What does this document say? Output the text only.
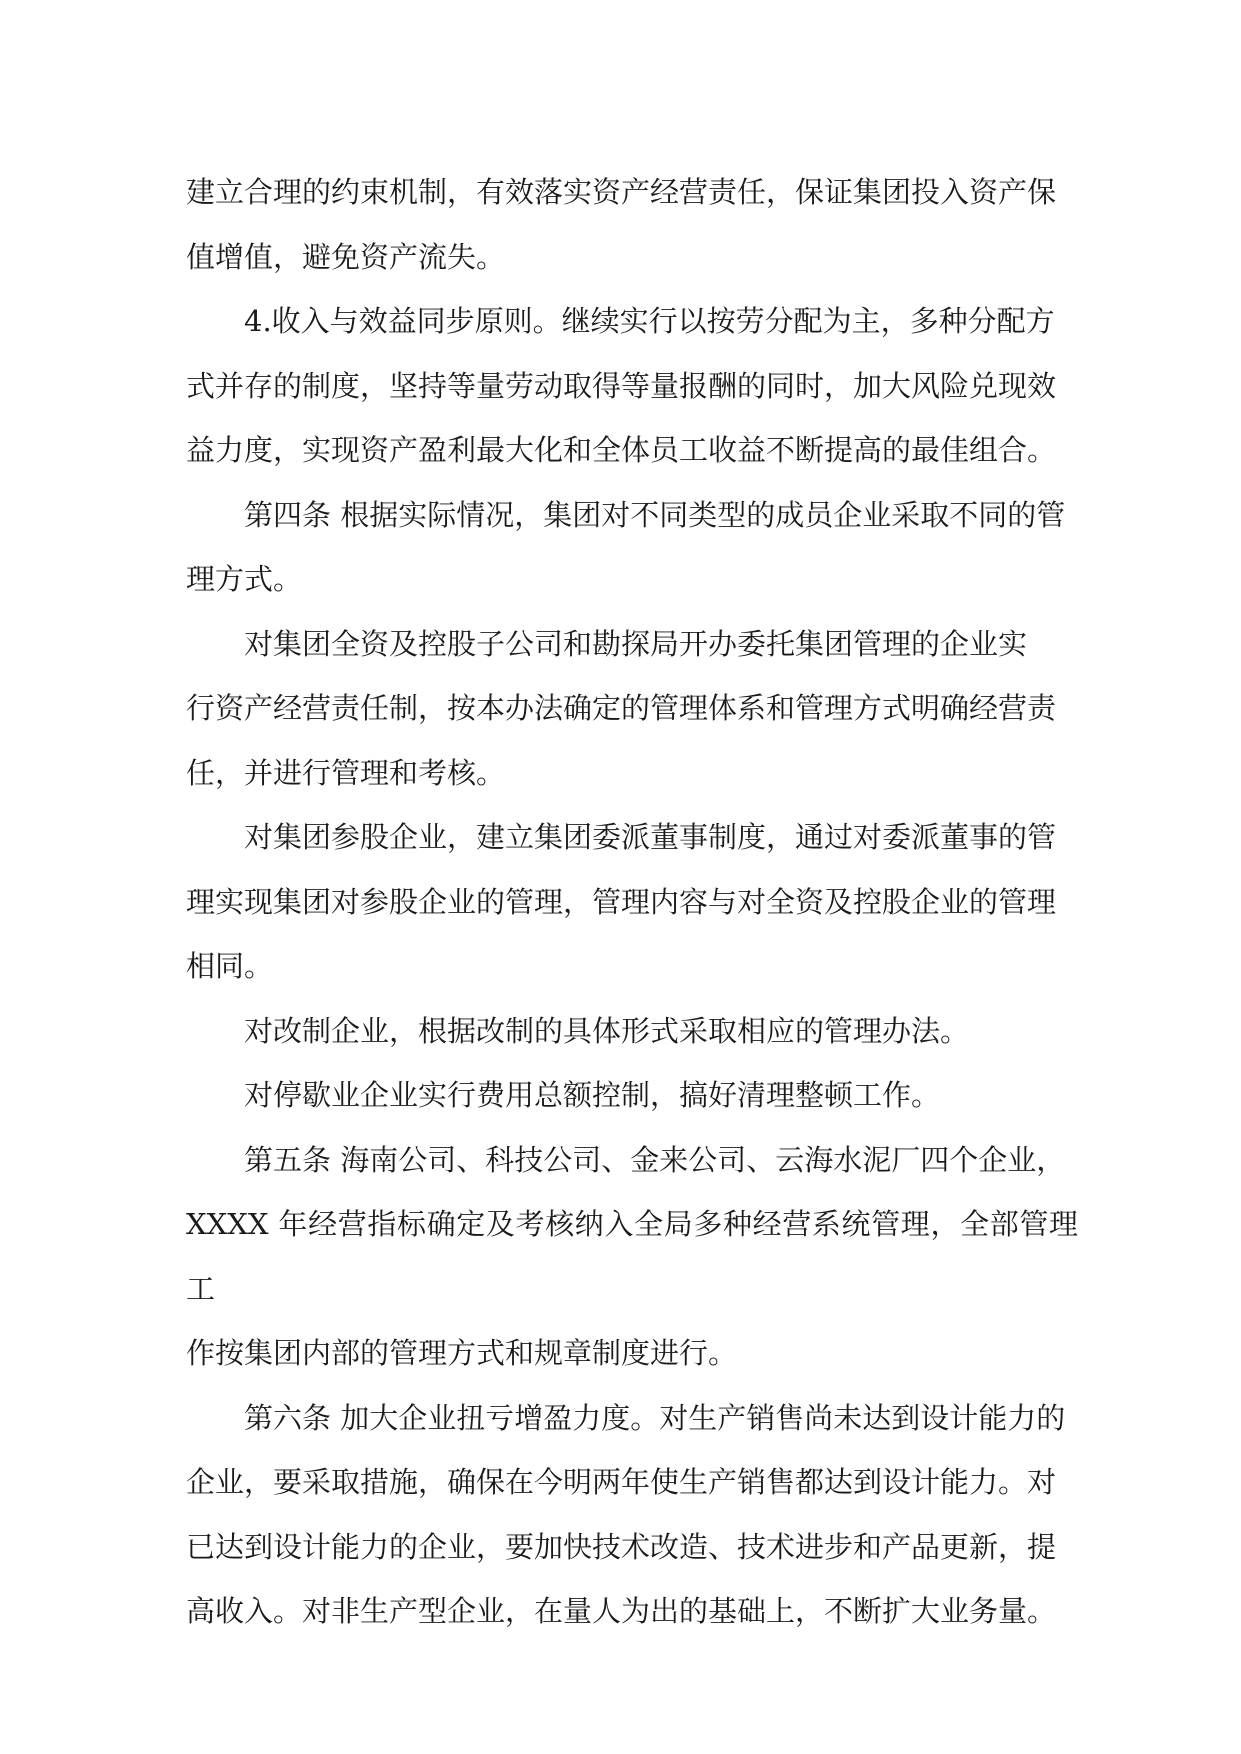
建立合理的约束机制，有效落实资产经营责任，保证集团投入资产保
值增值，避免资产流失。

4.收入与效益同步原则。继续实行以按劳分配为主，多种分配方
式并存的制度，坚持等量劳动取得等量报酬的同时，加大风险兑现效
益力度，实现资产盈利最大化和全体员工收益不断提高的最佳组合。

第四条 根据实际情况，集团对不同类型的成员企业采取不同的管
理方式。

对集团全资及控股子公司和勘探局开办委托集团管理的企业实
行资产经营责任制，按本办法确定的管理体系和管理方式明确经营责
任，并进行管理和考核。

对集团参股企业，建立集团委派董事制度，通过对委派董事的管
理实现集团对参股企业的管理，管理内容与对全资及控股企业的管理
相同。

对改制企业，根据改制的具体形式采取相应的管理办法。

对停歇业企业实行费用总额控制，搞好清理整顿工作。

第五条 海南公司、科技公司、金来公司、云海水泥厂四个企业，
XXXX 年经营指标确定及考核纳入全局多种经营系统管理，全部管理工
作按集团内部的管理方式和规章制度进行。

第六条 加大企业扭亏增盈力度。对生产销售尚未达到设计能力的
企业，要采取措施，确保在今明两年使生产销售都达到设计能力。对
已达到设计能力的企业，要加快技术改造、技术进步和产品更新，提
高收入。对非生产型企业，在量人为出的基础上，不断扩大业务量。
